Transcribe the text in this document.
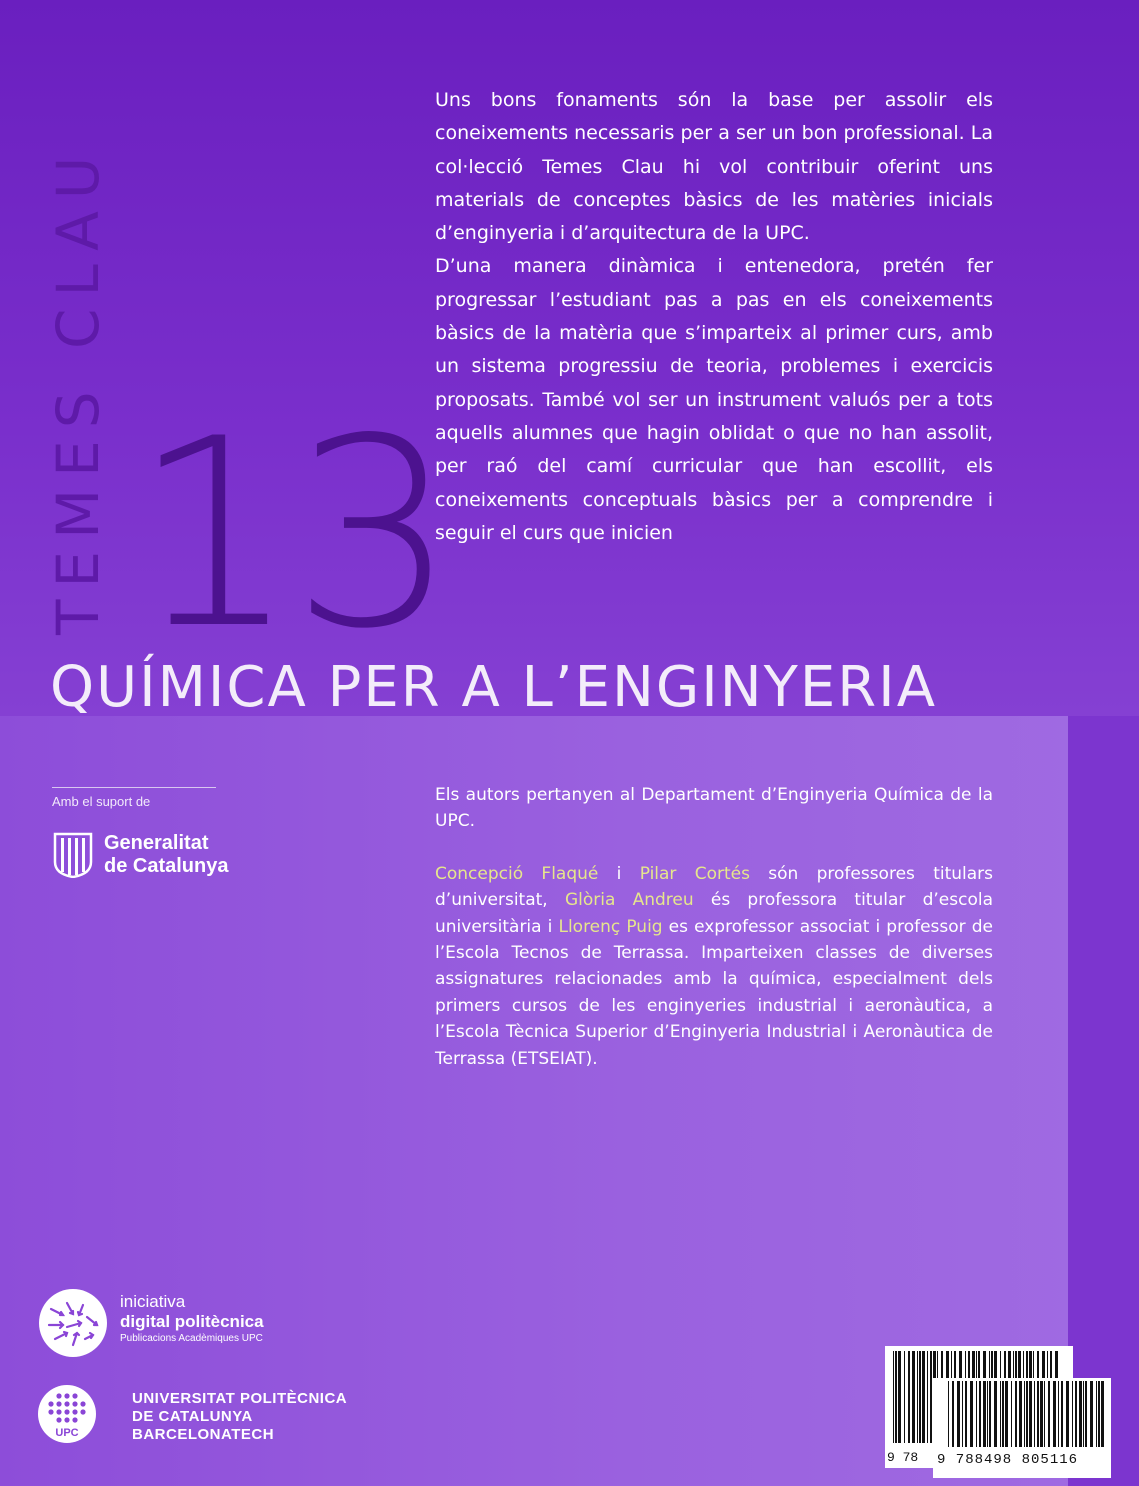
TEMES CLAU 13
QUÍMICA PER A L’ENGINYERIA

Uns bons fonaments són la base per assolir els coneixements necessaris per a ser un bon professional. La col·lecció Temes Clau hi vol contribuir oferint uns materials de conceptes bàsics de les matèries inicials d’enginyeria i d’arquitectura de la UPC.

D’una manera dinàmica i entenedora, pretén fer progressar l’estudiant pas a pas en els coneixements bàsics de la matèria que s’imparteix al primer curs, amb un sistema progressiu de teoria, problemes i exercicis proposats. També vol ser un instrument valuós per a tots aquells alumnes que hagin oblidat o que no han assolit, per raó del camí curricular que han escollit, els coneixements conceptuals bàsics per a comprendre i seguir el curs que inicien

Amb el suport de
Generalitat
de Catalunya

Els autors pertanyen al Departament d’Enginyeria Química de la UPC.

Concepció Flaqué i Pilar Cortés són professores titulars d’universitat, Glòria Andreu és professora titular d’escola universitària i Llorenç Puig es exprofessor associat i professor de l’Escola Tecnos de Terrassa. Imparteixen classes de diverses assignatures relacionades amb la química, especialment dels primers cursos de les enginyeries industrial i aeronàutica, a l’Escola Tècnica Superior d’Enginyeria Industrial i Aeronàutica de Terrassa (ETSEIAT).

iniciativa
digital politècnica
Publicacions Acadèmiques UPC
UPC
UNIVERSITAT POLITÈCNICA
DE CATALUNYA
BARCELONATECH
9 78 9 788498 805116
